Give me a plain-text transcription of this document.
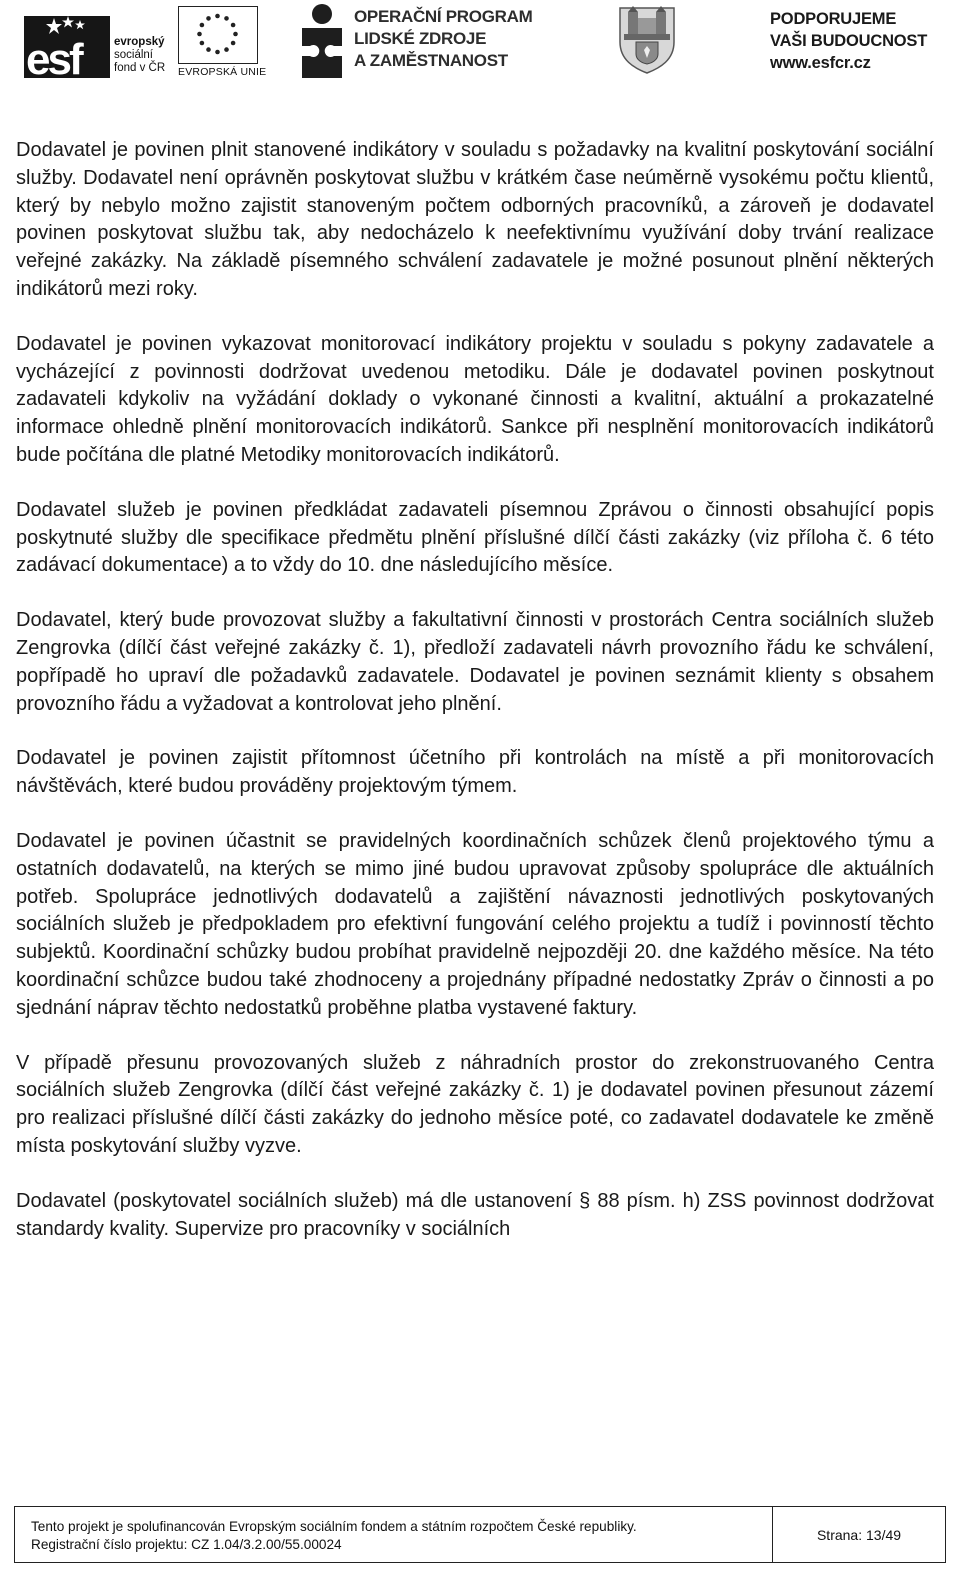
esf	evropský
sociální
fond v ČR EVROPSKÁ UNIE
OPERAČNÍ PROGRAM
LIDSKÉ ZDROJE
A ZAMĚSTNANOST
PODPORUJEME
VAŠI BUDOUCNOST
www.esfcr.cz

Dodavatel je povinen plnit stanovené indikátory v souladu s požadavky na kvalitní poskytování sociální služby. Dodavatel není oprávněn poskytovat službu v krátkém čase neúměrně vysokému počtu klientů, který by nebylo možno zajistit stanoveným počtem odborných pracovníků, a zároveň je dodavatel povinen poskytovat službu tak, aby nedocházelo k neefektivnímu využívání doby trvání realizace veřejné zakázky. Na základě písemného schválení zadavatele je možné posunout plnění některých indikátorů mezi roky.

Dodavatel je povinen vykazovat monitorovací indikátory projektu v souladu s pokyny zadavatele a vycházející z povinnosti dodržovat uvedenou metodiku. Dále je dodavatel povinen poskytnout zadavateli kdykoliv na vyžádání doklady o vykonané činnosti a kvalitní, aktuální a prokazatelné informace ohledně plnění monitorovacích indikátorů. Sankce při nesplnění monitorovacích indikátorů bude počítána dle platné Metodiky monitorovacích indikátorů.

Dodavatel služeb je povinen předkládat zadavateli písemnou Zprávou o činnosti obsahující popis poskytnuté služby dle specifikace předmětu plnění příslušné dílčí části zakázky (viz příloha č. 6 této zadávací dokumentace) a to vždy do 10. dne následujícího měsíce.

Dodavatel, který bude provozovat služby a fakultativní činnosti v prostorách Centra sociálních služeb Zengrovka (dílčí část veřejné zakázky č. 1), předloží zadavateli návrh provozního řádu ke schválení, popřípadě ho upraví dle požadavků zadavatele. Dodavatel je povinen seznámit klienty s obsahem provozního řádu a vyžadovat a kontrolovat jeho plnění.

Dodavatel je povinen zajistit přítomnost účetního při kontrolách na místě a při monitorovacích návštěvách, které budou prováděny projektovým týmem.

Dodavatel je povinen účastnit se pravidelných koordinačních schůzek členů projektového týmu a ostatních dodavatelů, na kterých se mimo jiné budou upravovat způsoby spolupráce dle aktuálních potřeb. Spolupráce jednotlivých dodavatelů a zajištění návaznosti jednotlivých poskytovaných sociálních služeb je předpokladem pro efektivní fungování celého projektu a tudíž i povinností těchto subjektů. Koordinační schůzky budou probíhat pravidelně nejpozději 20. dne každého měsíce. Na této koordinační schůzce budou také zhodnoceny a projednány případné nedostatky Zpráv o činnosti a po sjednání náprav těchto nedostatků proběhne platba vystavené faktury.

V případě přesunu provozovaných služeb z náhradních prostor do zrekonstruovaného Centra sociálních služeb Zengrovka (dílčí část veřejné zakázky č. 1) je dodavatel povinen přesunout zázemí pro realizaci příslušné dílčí části zakázky do jednoho měsíce poté, co zadavatel dodavatele ke změně místa poskytování služby vyzve.

Dodavatel (poskytovatel sociálních služeb) má dle ustanovení § 88 písm. h) ZSS povinnost dodržovat standardy kvality. Supervize pro pracovníky v sociálních

Tento projekt je spolufinancován Evropským sociálním fondem a státním rozpočtem České republiky.
Registrační číslo projektu: CZ 1.04/3.2.00/55.00024
Strana: 13/49
